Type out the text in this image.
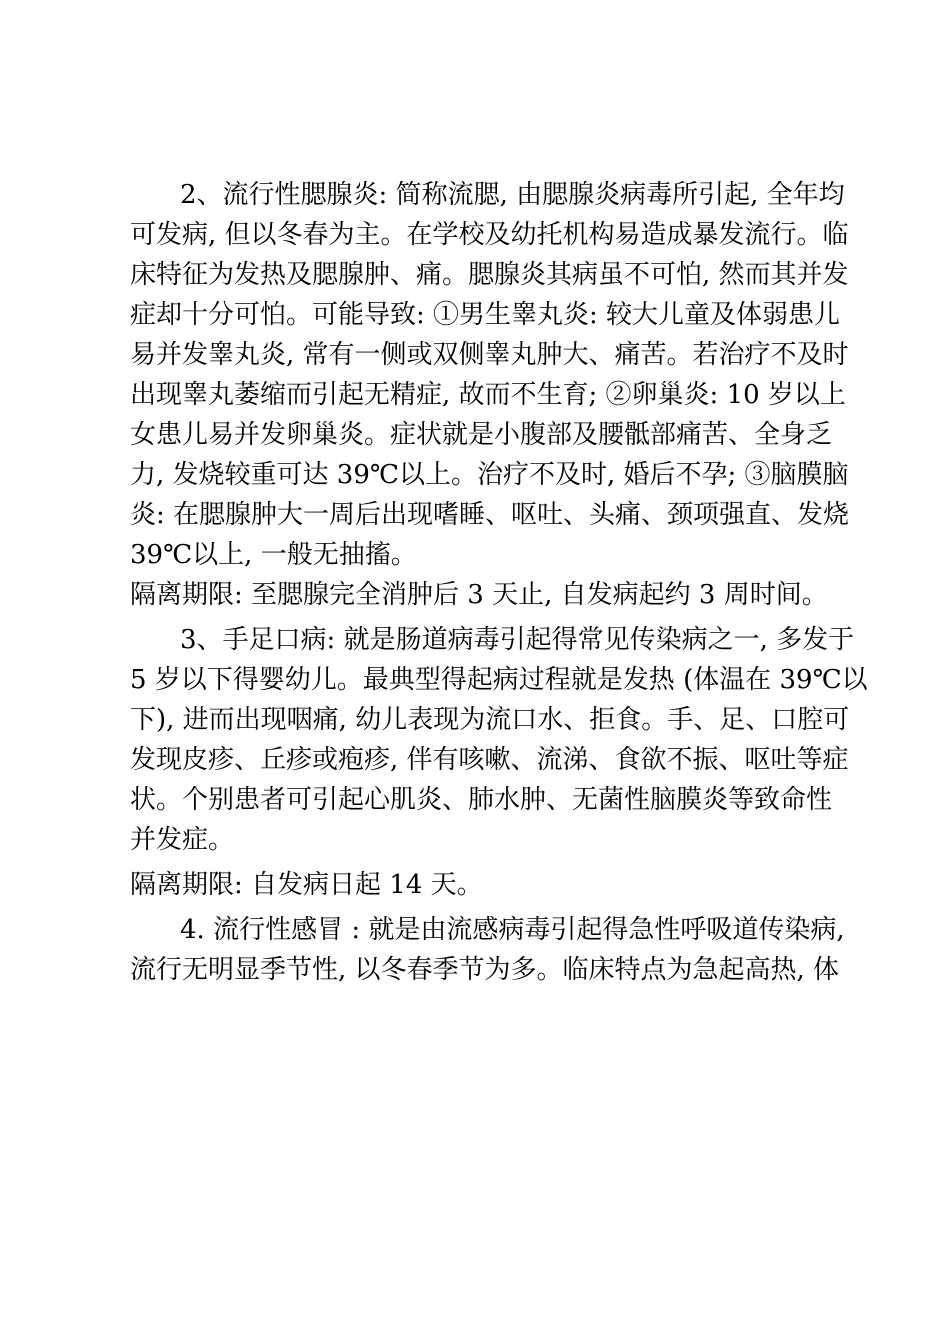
2、流行性腮腺炎: 简称流腮, 由腮腺炎病毒所引起, 全年均
可发病, 但以冬春为主。在学校及幼托机构易造成暴发流行。临
床特征为发热及腮腺肿、痛。腮腺炎其病虽不可怕, 然而其并发
症却十分可怕。可能导致: ①男生睾丸炎: 较大儿童及体弱患儿
易并发睾丸炎, 常有一侧或双侧睾丸肿大、痛苦。若治疗不及时
出现睾丸萎缩而引起无精症, 故而不生育; ②卵巢炎: 10 岁以上
女患儿易并发卵巢炎。症状就是小腹部及腰骶部痛苦、全身乏
力, 发烧较重可达 39℃以上。治疗不及时, 婚后不孕; ③脑膜脑
炎: 在腮腺肿大一周后出现嗜睡、呕吐、头痛、颈项强直、发烧
39℃以上, 一般无抽搐。
隔离期限: 至腮腺完全消肿后 3 天止, 自发病起约 3 周时间。
3、手足口病: 就是肠道病毒引起得常见传染病之一, 多发于
5 岁以下得婴幼儿。最典型得起病过程就是发热 (体温在 39℃以
下), 进而出现咽痛, 幼儿表现为流口水、拒食。手、足、口腔可
发现皮疹、丘疹或疱疹, 伴有咳嗽、流涕、食欲不振、呕吐等症
状。个别患者可引起心肌炎、肺水肿、无菌性脑膜炎等致命性
并发症。
隔离期限: 自发病日起 14 天。
4. 流行性感冒 : 就是由流感病毒引起得急性呼吸道传染病,
流行无明显季节性, 以冬春季节为多。临床特点为急起高热, 体
